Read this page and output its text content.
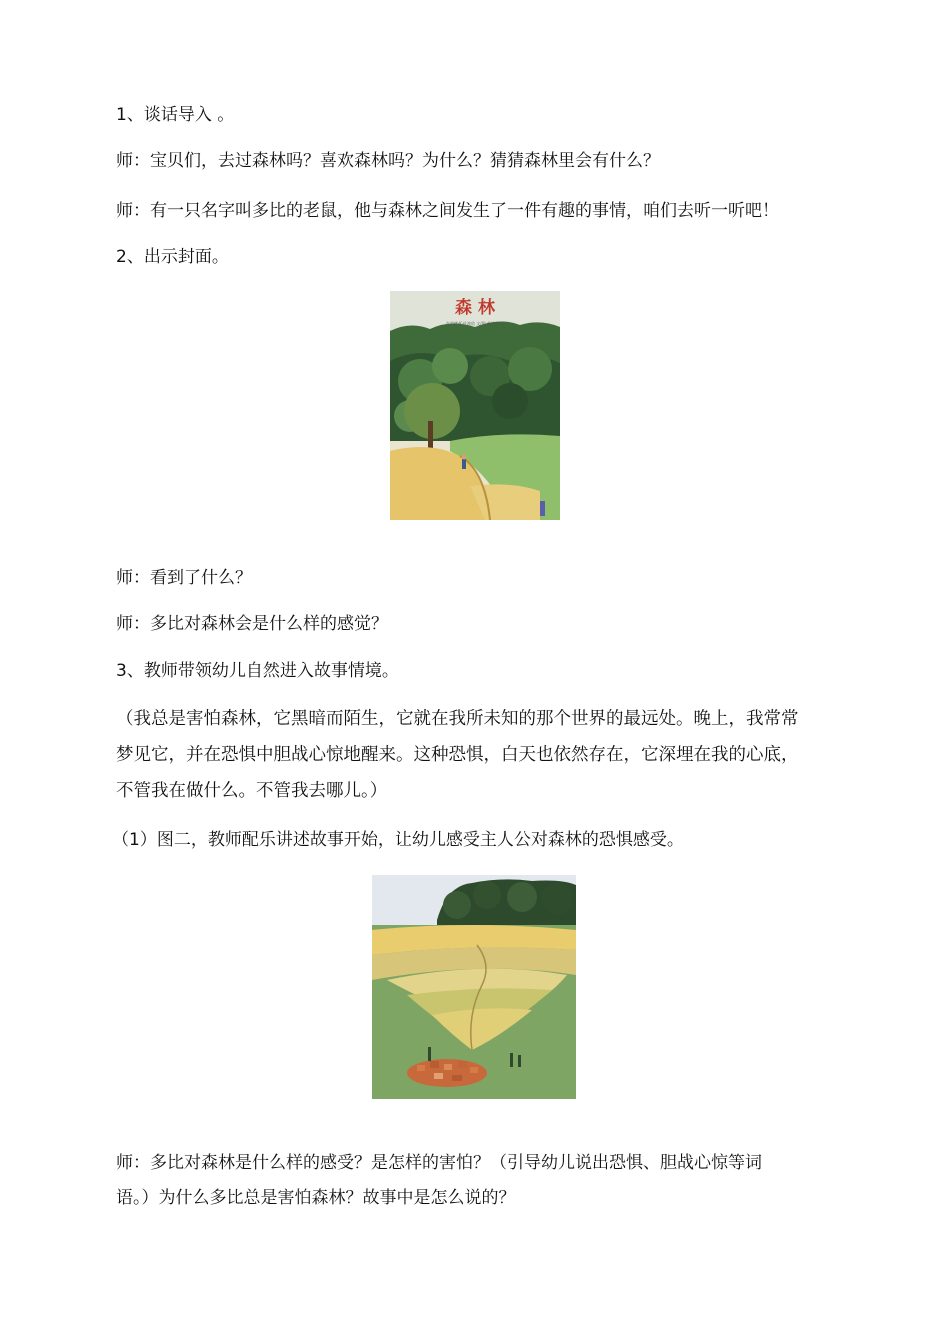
1、谈话导入 。
师：宝贝们，去过森林吗？喜欢森林吗？为什么？猜猜森林里会有什么？
师：有一只名字叫多比的老鼠，他与森林之间发生了一件有趣的事情，咱们去听一听吧！
2、出示封面。
森 林
克劳德·K·杜波依 文/图 余治莹 译
师：看到了什么？
师：多比对森林会是什么样的感觉？
3、教师带领幼儿自然进入故事情境。
（我总是害怕森林，它黑暗而陌生，它就在我所未知的那个世界的最远处。晚上，我常常
梦见它，并在恐惧中胆战心惊地醒来。这种恐惧，白天也依然存在，它深埋在我的心底，
不管我在做什么。不管我去哪儿。）
（1）图二，教师配乐讲述故事开始，让幼儿感受主人公对森林的恐惧感受。
师：多比对森林是什么样的感受？是怎样的害怕？（引导幼儿说出恐惧、胆战心惊等词
语。）为什么多比总是害怕森林？故事中是怎么说的？
